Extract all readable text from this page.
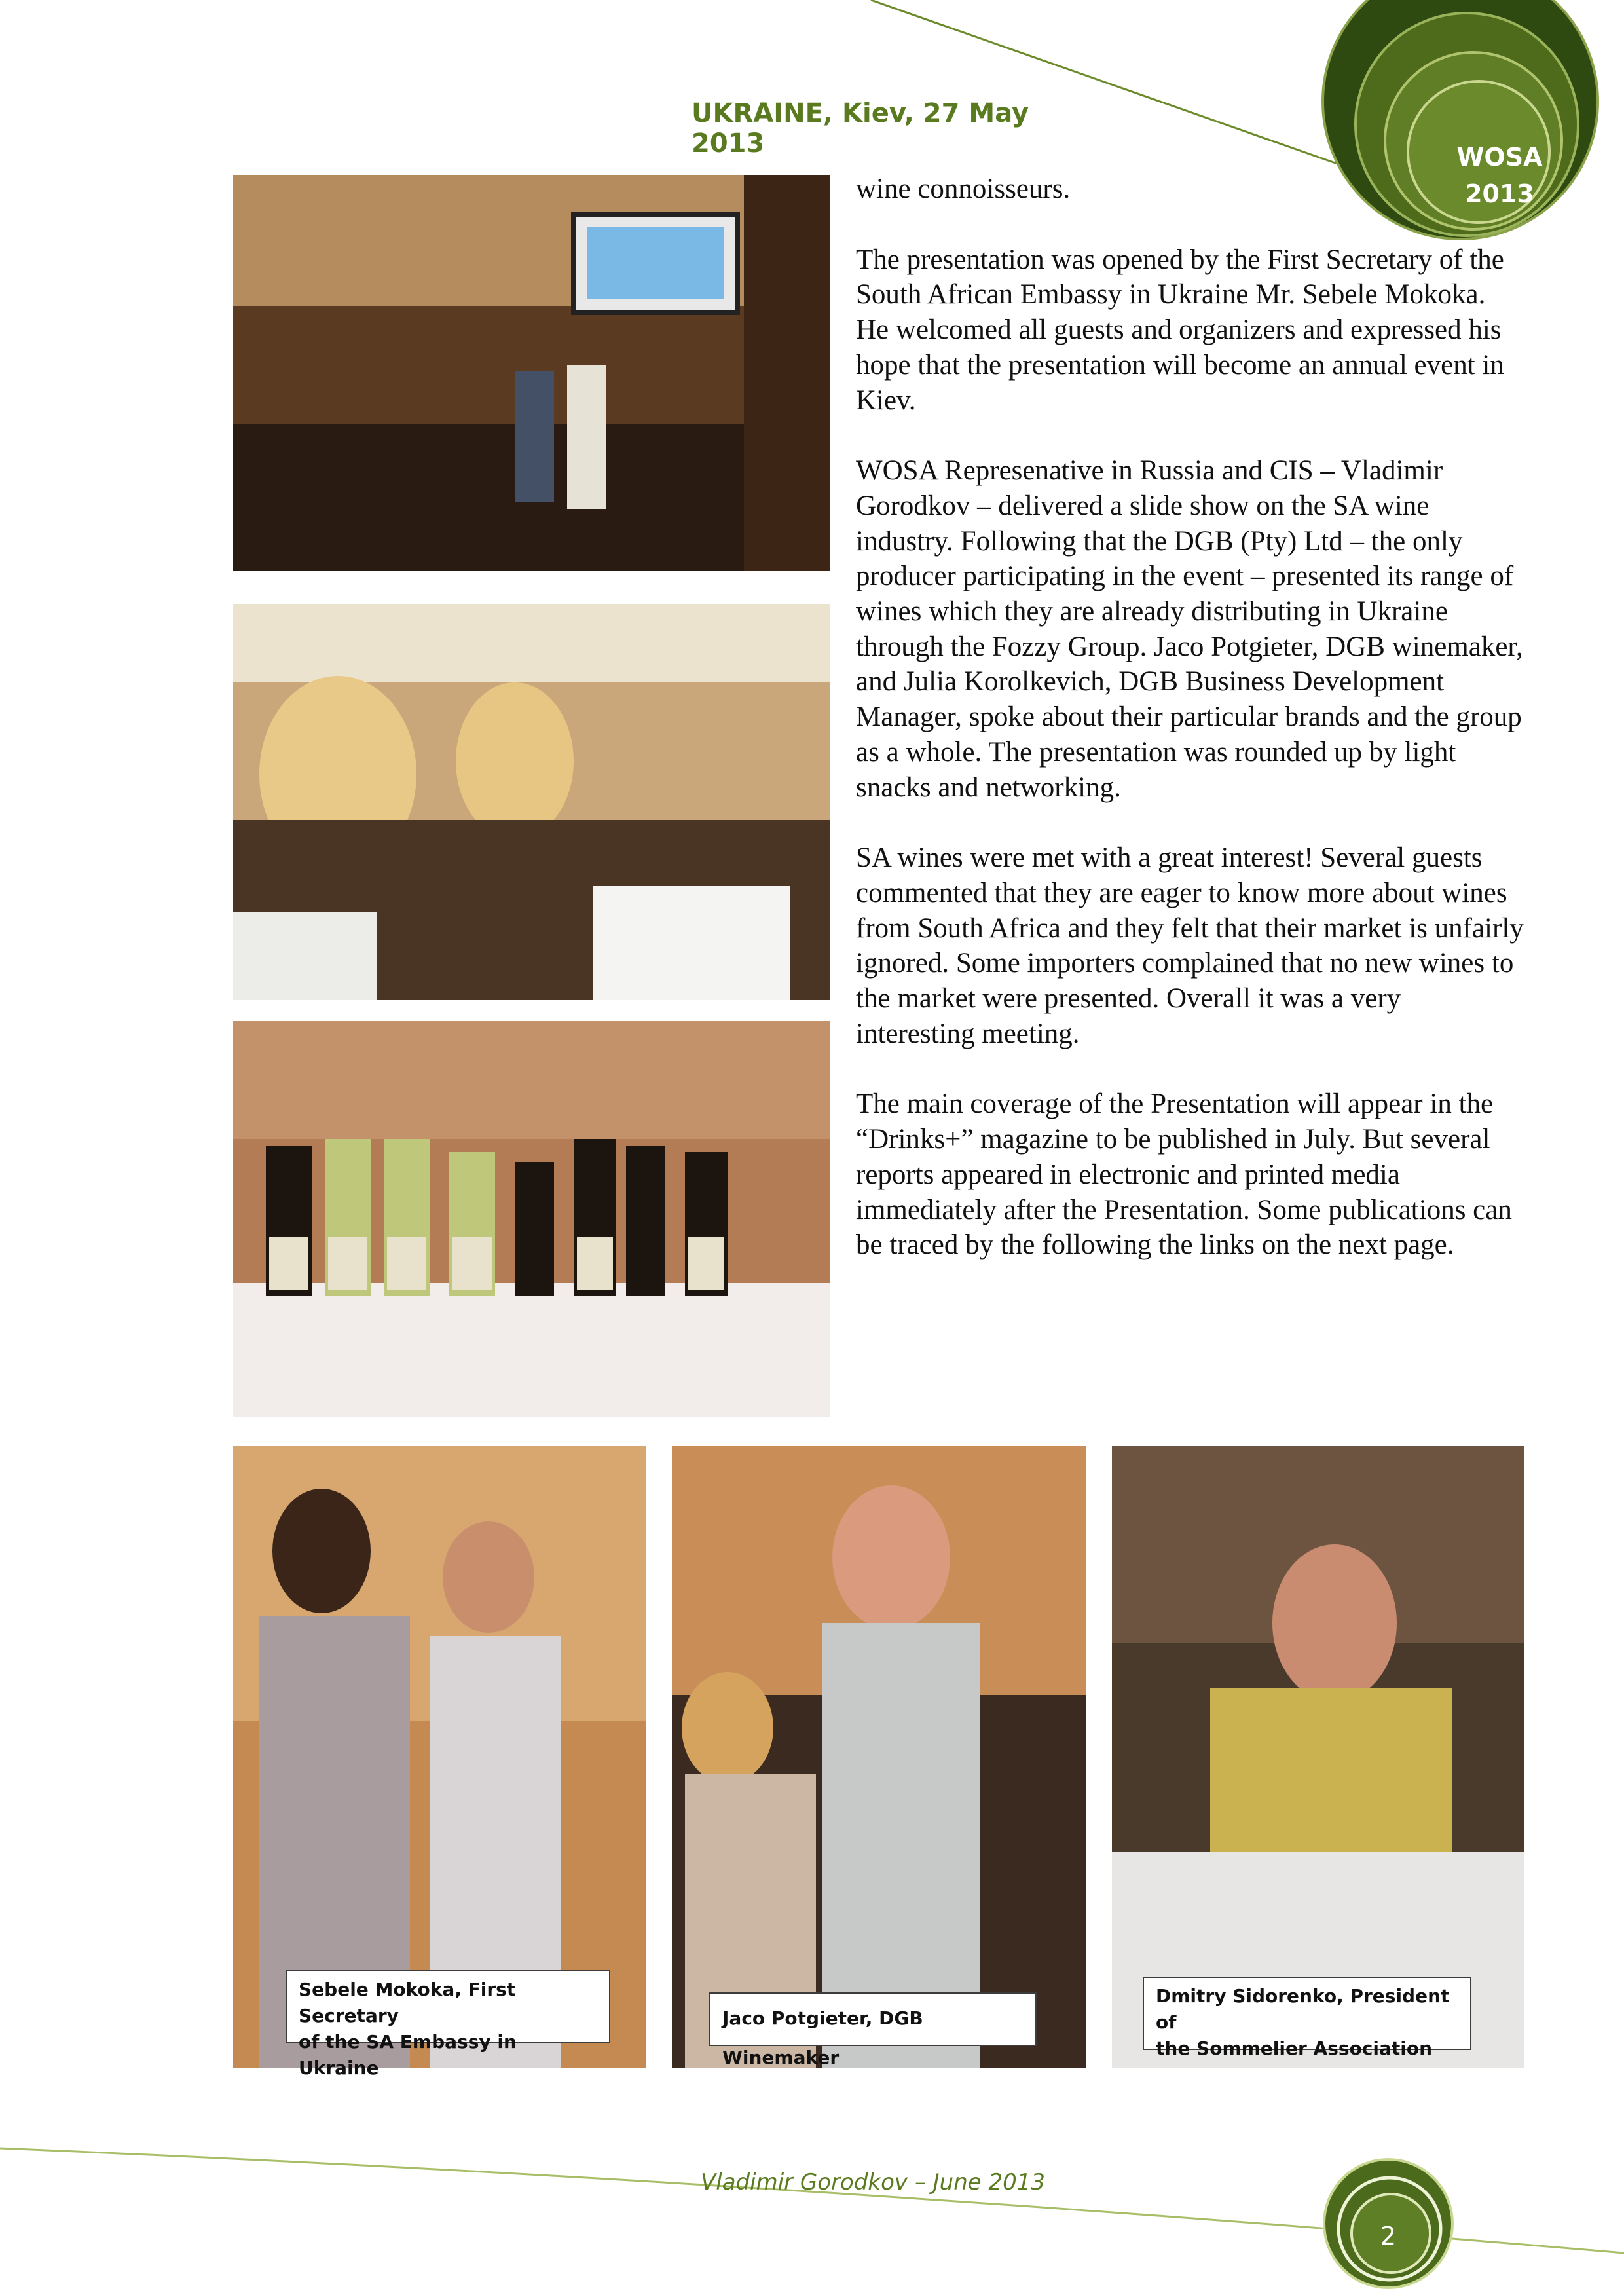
UKRAINE, Kiev, 27 May 2013	WOSA
2013

wine connoisseurs.

The presentation was opened by the First Secretary of the South African Embassy in Ukraine Mr. Sebele Mokoka. He welcomed all guests and organizers and expressed his hope that the presentation will become an annual event in Kiev.

WOSA Represenative in Russia and CIS – Vladimir Gorodkov – delivered a slide show on the SA wine industry. Following that the DGB (Pty) Ltd – the only producer participating in the event – presented its range of wines which they are already distributing in Ukraine through the Fozzy Group. Jaco Potgieter, DGB winemaker, and Julia Korolkevich, DGB Business Development Manager, spoke about their particular brands and the group as a whole. The presentation was rounded up by light snacks and networking.

SA wines were met with a great interest! Several guests commented that they are eager to know more about wines from South Africa and they felt that their market is unfairly ignored. Some importers complained that no new wines to the market were presented. Overall it was a very interesting meeting.

The main coverage of the Presentation will appear in the “Drinks+” magazine to be published in July. But several reports appeared in electronic and printed media immediately after the Presentation. Some publications can be traced by the following the links on the next page.

Sebele Mokoka, First Secretary
of the SA Embassy in Ukraine
Jaco Potgieter, DGB Winemaker
Dmitry Sidorenko, President of
the Sommelier Association
Vladimir Gorodkov – June 2013
2
